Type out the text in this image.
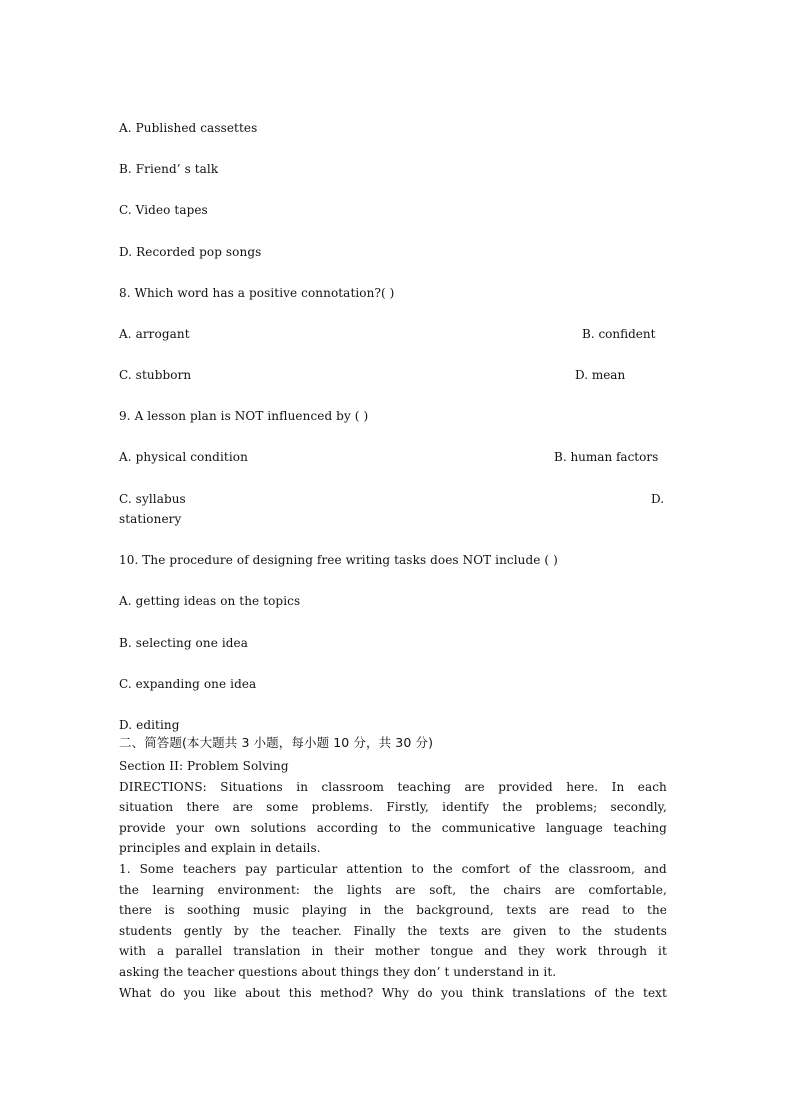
A. Published cassettes
B. Friend’ s talk
C. Video tapes
D. Recorded pop songs
8. Which word has a positive connotation?( )
A. arrogant	B. confident
C. stubborn	D. mean
9. A lesson plan is NOT influenced by ( )
A. physical condition	B. human factors
C. syllabus	D.
stationery
10. The procedure of designing free writing tasks does NOT include ( )
A. getting ideas on the topics
B. selecting one idea
C. expanding one idea
D. editing
二、简答题(本大题共 3 小题，每小题 10 分，共 30 分)
Section II: Problem Solving
DIRECTIONS: Situations in classroom teaching are provided here. In each
situation there are some problems. Firstly, identify the problems; secondly,
provide your own solutions according to the communicative language teaching
principles and explain in details.
1. Some teachers pay particular attention to the comfort of the classroom, and
the learning environment: the lights are soft, the chairs are comfortable,
there is soothing music playing in the background, texts are read to the
students gently by the teacher. Finally the texts are given to the students
with a parallel translation in their mother tongue and they work through it
asking the teacher questions about things they don’ t understand in it.
What do you like about this method? Why do you think translations of the text
